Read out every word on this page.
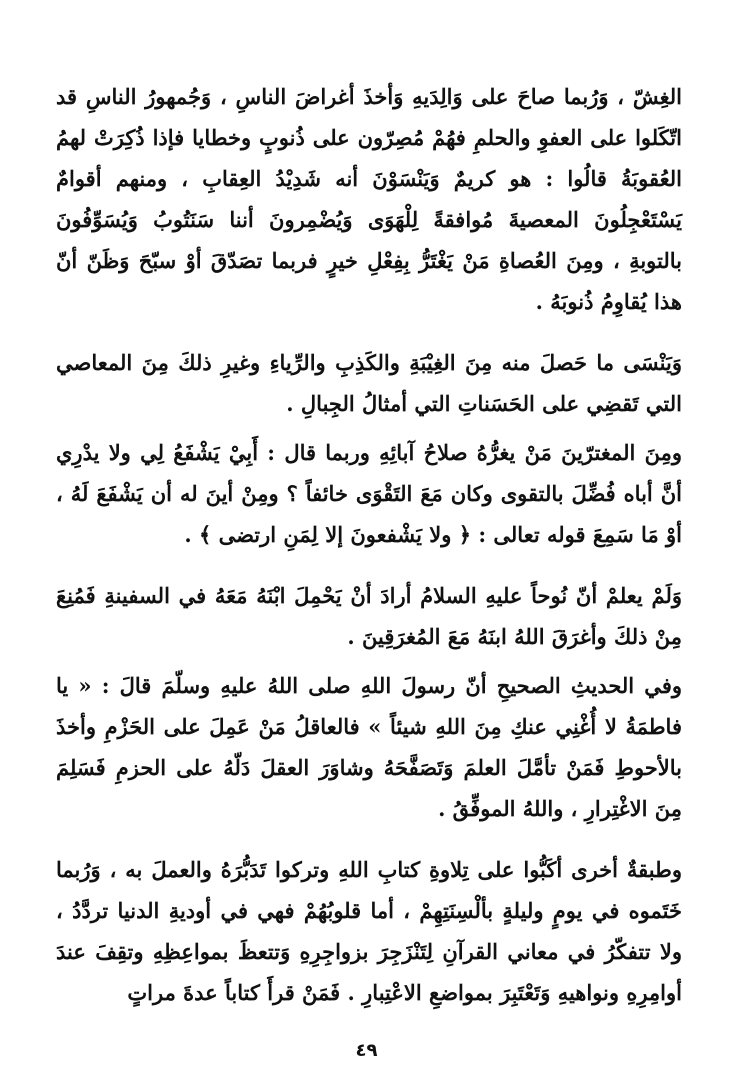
الغِشّ ، وَرُبما صاحَ على وَالِدَيهِ وَأخذَ أغراضَ الناسِ ، وَجُمهورُ الناسِ قد اتّكَلوا على العفوِ والحلمِ فهُمْ مُصِرّون على ذُنوبٍ وخطايا فإذا ذُكِرَتْ لهمُ العُقوبَةُ قالُوا : هو كريمٌ وَيَنْسَوْنَ أنه شَدِيْدُ العِقابِ ، ومنهم أقوامٌ يَسْتَعْجِلُونَ المعصيةَ مُوافقةً لِلْهَوَى وَيُضْمِرونَ أننا سَنَتُوبُ وَيُسَوِّفُونَ بالتوبةِ ، ومِنَ العُصاةِ مَنْ يَغْتَرُّ بِفِعْلِ خيرٍ فربما تصَدّقَ أوْ سبّحَ وَظَنّ أنّ هذا يُقاوِمُ ذُنوبَهُ .

وَيَنْسَى ما حَصلَ منه مِنَ الغِيْبَةِ والكَذِبِ والرِّياءِ وغيرِ ذلكَ مِنَ المعاصي التي تَقضِي على الحَسَناتِ التي أمثالُ الجِبالِ .

ومِنَ المغترّينَ مَنْ يغرُّهُ صلاحُ آبائِهِ وربما قال : أَبِيْ يَشْفَعُ لِي ولا يدْرِي أنَّ أباه فُضِّلَ بالتقوى وكان مَعَ التَقْوَى خائفاً ؟ ومِنْ أينَ له أن يَشْفَعَ لَهُ ، أوْ مَا سَمِعَ قوله تعالى : ﴿ ولا يَشْفعونَ إلا لِمَنِ ارتضى ﴾ .

وَلَمْ يعلمْ أنّ نُوحاً عليهِ السلامُ أرادَ أنْ يَحْمِلَ ابْنَهُ مَعَهُ في السفينةِ فَمُنِعَ مِنْ ذلكَ وأغرَقَ اللهُ ابنَهُ مَعَ المُغرَقِينَ .

وفي الحديثِ الصحيحِ أنّ رسولَ اللهِ صلى اللهُ عليهِ وسلّمَ قالَ : « يا فاطمَةُ لا أُغْنِي عنكِ مِنَ اللهِ شيئاً » فالعاقلُ مَنْ عَمِلَ على الحَزْمِ وأخذَ بالأحوطِ فَمَنْ تأمَّلَ العلمَ وَتَصَفَّحَهُ وشاوَرَ العقلَ دَلّهُ على الحزمِ فَسَلِمَ مِنَ الاغْتِرارِ ، واللهُ الموفِّقُ .

وطبقةٌ أخرى أكَبُّوا على تِلاوةِ كتابِ اللهِ وتركوا تَدَبُّرَهُ والعملَ به ، وَرُبما خَتَموه في يومٍ وليلةٍ بألْسِنَتِهِمْ ، أما قلوبُهُمْ فهي في أوديةِ الدنيا تردَّدُ ، ولا تتفكّرُ في معاني القرآنِ لِتَنْزَجِرَ بزواجِرِهِ وَتتعظَ بمواعِظِهِ وتقِفَ عندَ أوامِرِهِ ونواهيهِ وَتَعْتَبِرَ بمواضعِ الاعْتِبارِ . فَمَنْ قرأَ كتاباً عدةَ مراتٍ

٤٩
